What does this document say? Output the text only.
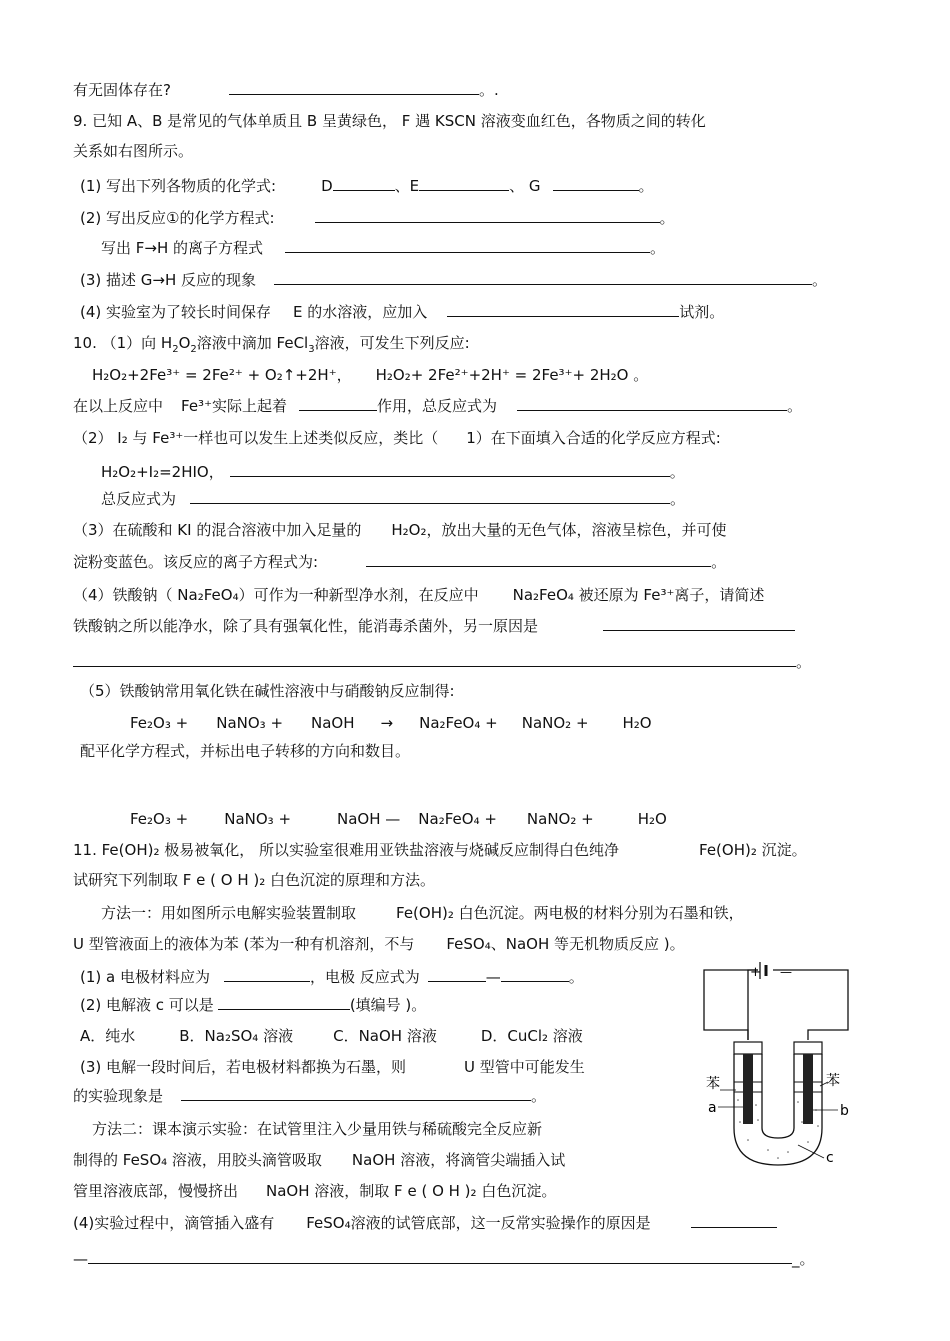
有无固体存在?	。.
9. 已知 A、B 是常见的气体单质且 B 呈黄绿色， F 遇 KSCN 溶液变血红色，各物质之间的转化
关系如右图所示。
(1) 写出下列各物质的化学式:	D	、E	、 G	。
(2) 写出反应①的化学方程式:	。
写出 F→H 的离子方程式	。
(3) 描述 G→H 反应的现象	。
(4) 实验室为了较长时间保存 E 的水溶液，应加入	试剂。
10. （1）向 $H_2O_2$溶液中滴加 FeCl$_3$溶液，可发生下列反应:
H₂O₂+2Fe³⁺ = 2Fe²⁺ + O₂↑+2H⁺， H₂O₂+ 2Fe²⁺+2H⁺ = 2Fe³⁺+ 2H₂O 。
在以上反应中 Fe³⁺实际上起着	作用，总反应式为	。
（2） I₂ 与 Fe³⁺一样也可以发生上述类似反应，类比（ 1）在下面填入合适的化学反应方程式:
H₂O₂+I₂=2HIO，	。
总反应式为	。
（3）在硫酸和 KI 的混合溶液中加入足量的 H₂O₂，放出大量的无色气体，溶液呈棕色，并可使
淀粉变蓝色。该反应的离子方程式为:	。
（4）铁酸钠（ Na₂FeO₄）可作为一种新型净水剂，在反应中 Na₂FeO₄ 被还原为 Fe³⁺离子，请简述
铁酸钠之所以能净水，除了具有强氧化性，能消毒杀菌外，另一原因是
。
（5）铁酸钠常用氧化铁在碱性溶液中与硝酸钠反应制得:
Fe₂O₃ + NaNO₃ + NaOH → Na₂FeO₄ + NaNO₂ + H₂O
配平化学方程式，并标出电子转移的方向和数目。
Fe₂O₃ + NaNO₃ +	NaOH — Na₂FeO₄ + NaNO₂ +	H₂O
11. Fe(OH)₂ 极易被氧化， 所以实验室很难用亚铁盐溶液与烧碱反应制得白色纯净	Fe(OH)₂ 沉淀。
试研究下列制取 F e ( O H )₂ 白色沉淀的原理和方法。
方法一：用如图所示电解实验装置制取	Fe(OH)₂ 白色沉淀。两电极的材料分别为石墨和铁，
U 型管液面上的液体为苯 (苯为一种有机溶剂，不与 FeSO₄、NaOH 等无机物质反应 )。
(1) a 电极材料应为	，电极 反应式为	—	。
(2) 电解液 c 可以是	(填编号 )。
A．纯水	B．Na₂SO₄ 溶液	C．NaOH 溶液	D．CuCl₂ 溶液
(3) 电解一段时间后，若电极材料都换为石墨，则	U 型管中可能发生
的实验现象是	。
方法二：课本演示实验：在试管里注入少量用铁与稀硫酸完全反应新
制得的 FeSO₄ 溶液，用胶头滴管吸取 NaOH 溶液，将滴管尖端插入试
管里溶液底部，慢慢挤出 NaOH 溶液，制取 F e ( O H )₂ 白色沉淀。
(4)实验过程中，滴管插入盛有 FeSO₄溶液的试管底部，这一反常实验操作的原因是
—	_。
+ —
苯	苯
a	b
c
